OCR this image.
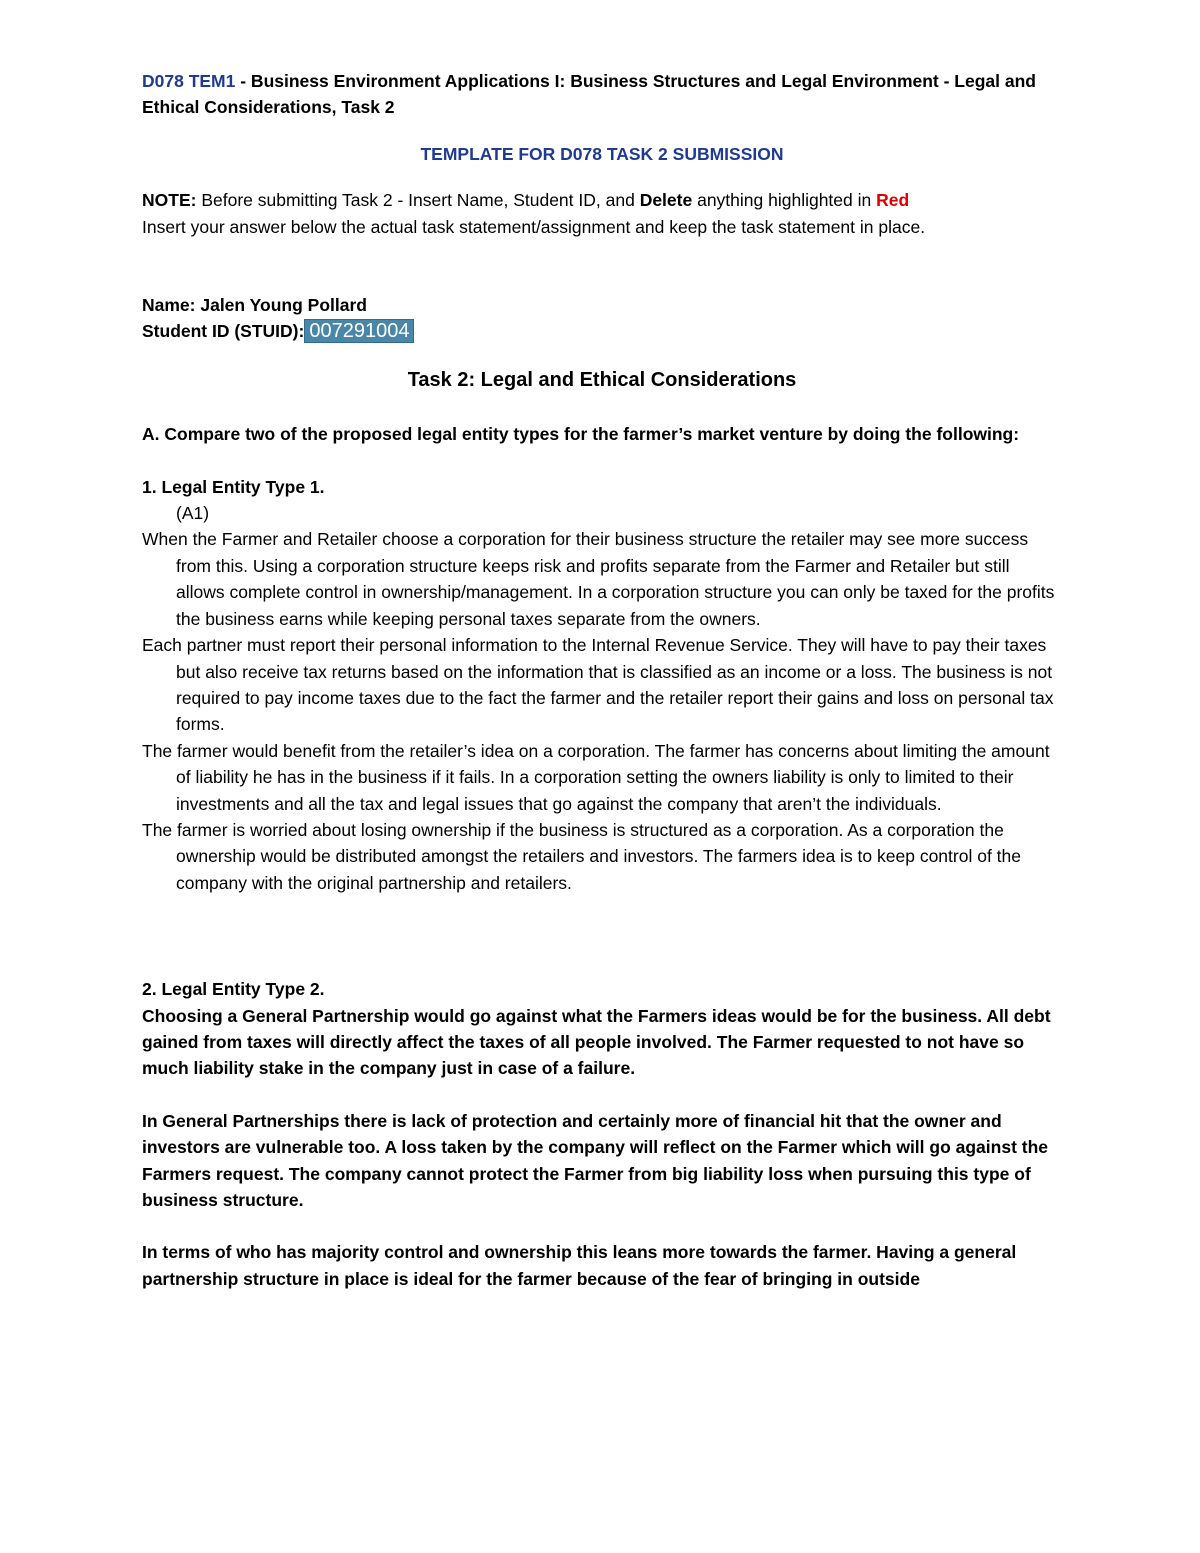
D078 TEM1 - Business Environment Applications I: Business Structures and Legal Environment - Legal and Ethical Considerations, Task 2

TEMPLATE FOR D078 TASK 2 SUBMISSION

NOTE: Before submitting Task 2 - Insert Name, Student ID, and Delete anything highlighted in Red

Insert your answer below the actual task statement/assignment and keep the task statement in place.

Name: Jalen Young Pollard

Student ID (STUID):007291004

Task 2: Legal and Ethical Considerations

A. Compare two of the proposed legal entity types for the farmer’s market venture by doing the following:

1. Legal Entity Type 1.

(A1)

When the Farmer and Retailer choose a corporation for their business structure the retailer may see more success from this. Using a corporation structure keeps risk and profits separate from the Farmer and Retailer but still allows complete control in ownership/management. In a corporation structure you can only be taxed for the profits the business earns while keeping personal taxes separate from the owners.

Each partner must report their personal information to the Internal Revenue Service. They will have to pay their taxes but also receive tax returns based on the information that is classified as an income or a loss. The business is not required to pay income taxes due to the fact the farmer and the retailer report their gains and loss on personal tax forms.

The farmer would benefit from the retailer’s idea on a corporation. The farmer has concerns about limiting the amount of liability he has in the business if it fails. In a corporation setting the owners liability is only to limited to their investments and all the tax and legal issues that go against the company that aren’t the individuals.

The farmer is worried about losing ownership if the business is structured as a corporation. As a corporation the ownership would be distributed amongst the retailers and investors. The farmers idea is to keep control of the company with the original partnership and retailers.

2. Legal Entity Type 2.

Choosing a General Partnership would go against what the Farmers ideas would be for the business. All debt gained from taxes will directly affect the taxes of all people involved. The Farmer requested to not have so much liability stake in the company just in case of a failure.

In General Partnerships there is lack of protection and certainly more of financial hit that the owner and investors are vulnerable too. A loss taken by the company will reflect on the Farmer which will go against the Farmers request. The company cannot protect the Farmer from big liability loss when pursuing this type of business structure.

In terms of who has majority control and ownership this leans more towards the farmer. Having a general partnership structure in place is ideal for the farmer because of the fear of bringing in outside
